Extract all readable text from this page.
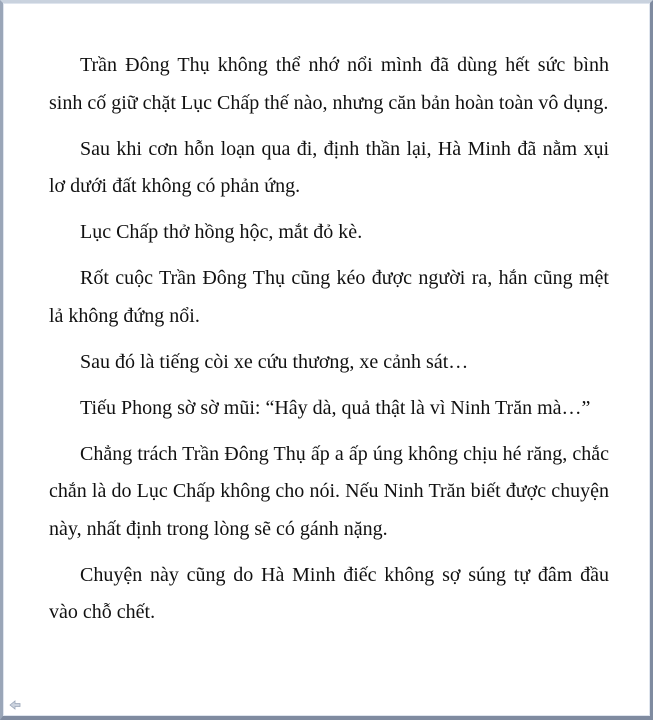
Trần Đông Thụ không thể nhớ nổi mình đã dùng hết sức bình sinh cố giữ chặt Lục Chấp thế nào, nhưng căn bản hoàn toàn vô dụng.

Sau khi cơn hỗn loạn qua đi, định thần lại, Hà Minh đã nằm xụi lơ dưới đất không có phản ứng.

Lục Chấp thở hồng hộc, mắt đỏ kè.

Rốt cuộc Trần Đông Thụ cũng kéo được người ra, hắn cũng mệt lả không đứng nổi.

Sau đó là tiếng còi xe cứu thương, xe cảnh sát…

Tiếu Phong sờ sờ mũi: “Hây dà, quả thật là vì Ninh Trăn mà…”

Chẳng trách Trần Đông Thụ ấp a ấp úng không chịu hé răng, chắc chắn là do Lục Chấp không cho nói. Nếu Ninh Trăn biết được chuyện này, nhất định trong lòng sẽ có gánh nặng.

Chuyện này cũng do Hà Minh điếc không sợ súng tự đâm đầu vào chỗ chết.
